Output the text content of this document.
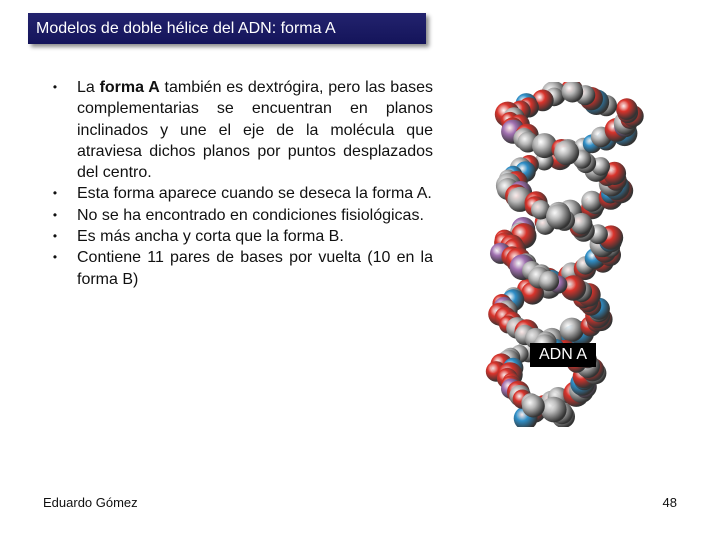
Modelos de doble hélice del ADN: forma A
•	La forma A también es dextrógira, pero las bases complementarias se encuentran en planos inclinados y une el eje de la molécula que atraviesa dichos planos por puntos desplazados del centro.
•	Esta forma aparece cuando se deseca la forma A.
•	No se ha encontrado en condiciones fisiológicas.
•	Es más ancha y corta que la forma B.
•	Contiene 11 pares de bases por vuelta (10 en la forma B)
ADN A
Eduardo Gómez	48
